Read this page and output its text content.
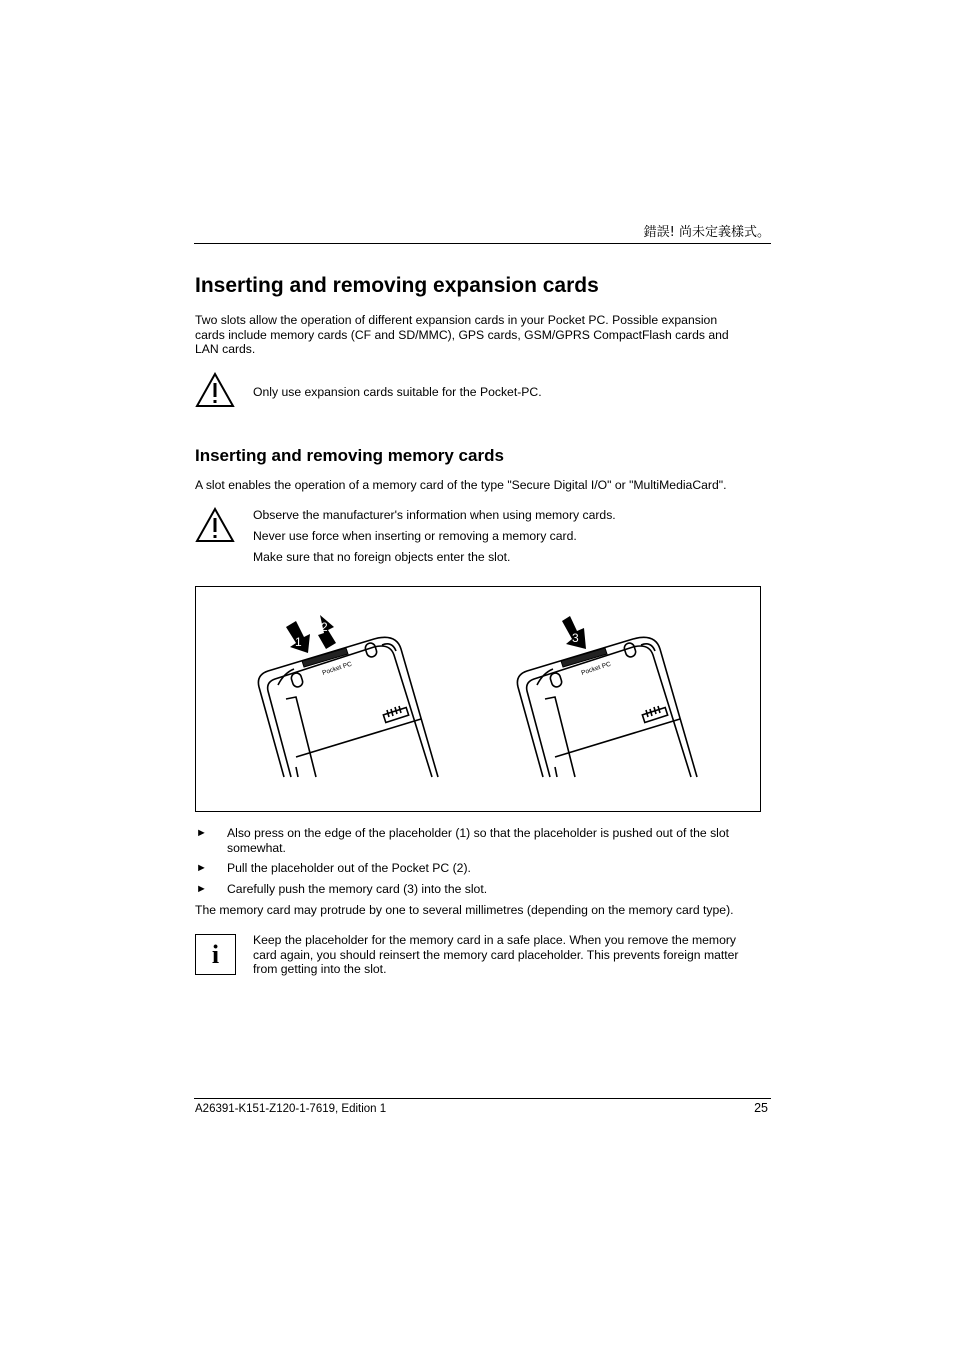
錯誤! 尚未定義樣式。
Inserting and removing expansion cards
Two slots allow the operation of different expansion cards in your Pocket PC. Possible expansion
cards include memory cards (CF and SD/MMC), GPS cards, GSM/GPRS CompactFlash cards and
LAN cards.
Only use expansion cards suitable for the Pocket-PC.
Inserting and removing memory cards
A slot enables the operation of a memory card of the type "Secure Digital I/O" or "MultiMediaCard".
Observe the manufacturer's information when using memory cards.
Never use force when inserting or removing a memory card.
Make sure that no foreign objects enter the slot.
Pocket PC
1
2
Pocket PC
3
► Also press on the edge of the placeholder (1) so that the placeholder is pushed out of the slot
somewhat.
► Pull the placeholder out of the Pocket PC (2).
► Carefully push the memory card (3) into the slot.
The memory card may protrude by one to several millimetres (depending on the memory card type).
i	Keep the placeholder for the memory card in a safe place. When you remove the memory
card again, you should reinsert the memory card placeholder. This prevents foreign matter
from getting into the slot.
A26391-K151-Z120-1-7619, Edition 1	25
